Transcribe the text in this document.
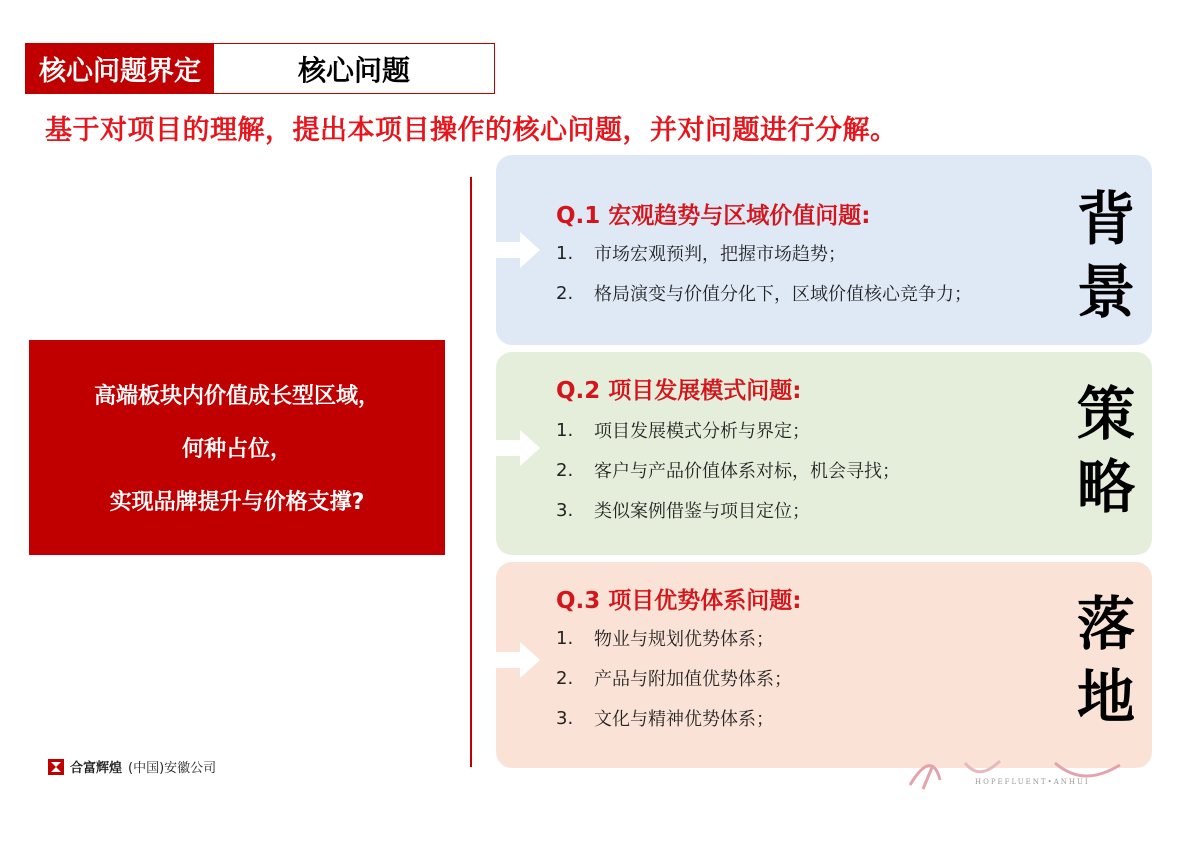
核心问题界定	核心问题
基于对项目的理解，提出本项目操作的核心问题，并对问题进行分解。
高端板块内价值成长型区域，
何种占位，
实现品牌提升与价格支撑?
Q.1 宏观趋势与区域价值问题:
1.	市场宏观预判，把握市场趋势；
2.	格局演变与价值分化下，区域价值核心竞争力；
背
景
Q.2 项目发展模式问题:
1.	项目发展模式分析与界定；
2.	客户与产品价值体系对标，机会寻找；
3.	类似案例借鉴与项目定位；
策
略
Q.3 项目优势体系问题:
1.	物业与规划优势体系；
2.	产品与附加值优势体系；
3.	文化与精神优势体系；
落
地
合富辉煌 (中国)安徽公司
HOPEFLUENT•ANHUI
